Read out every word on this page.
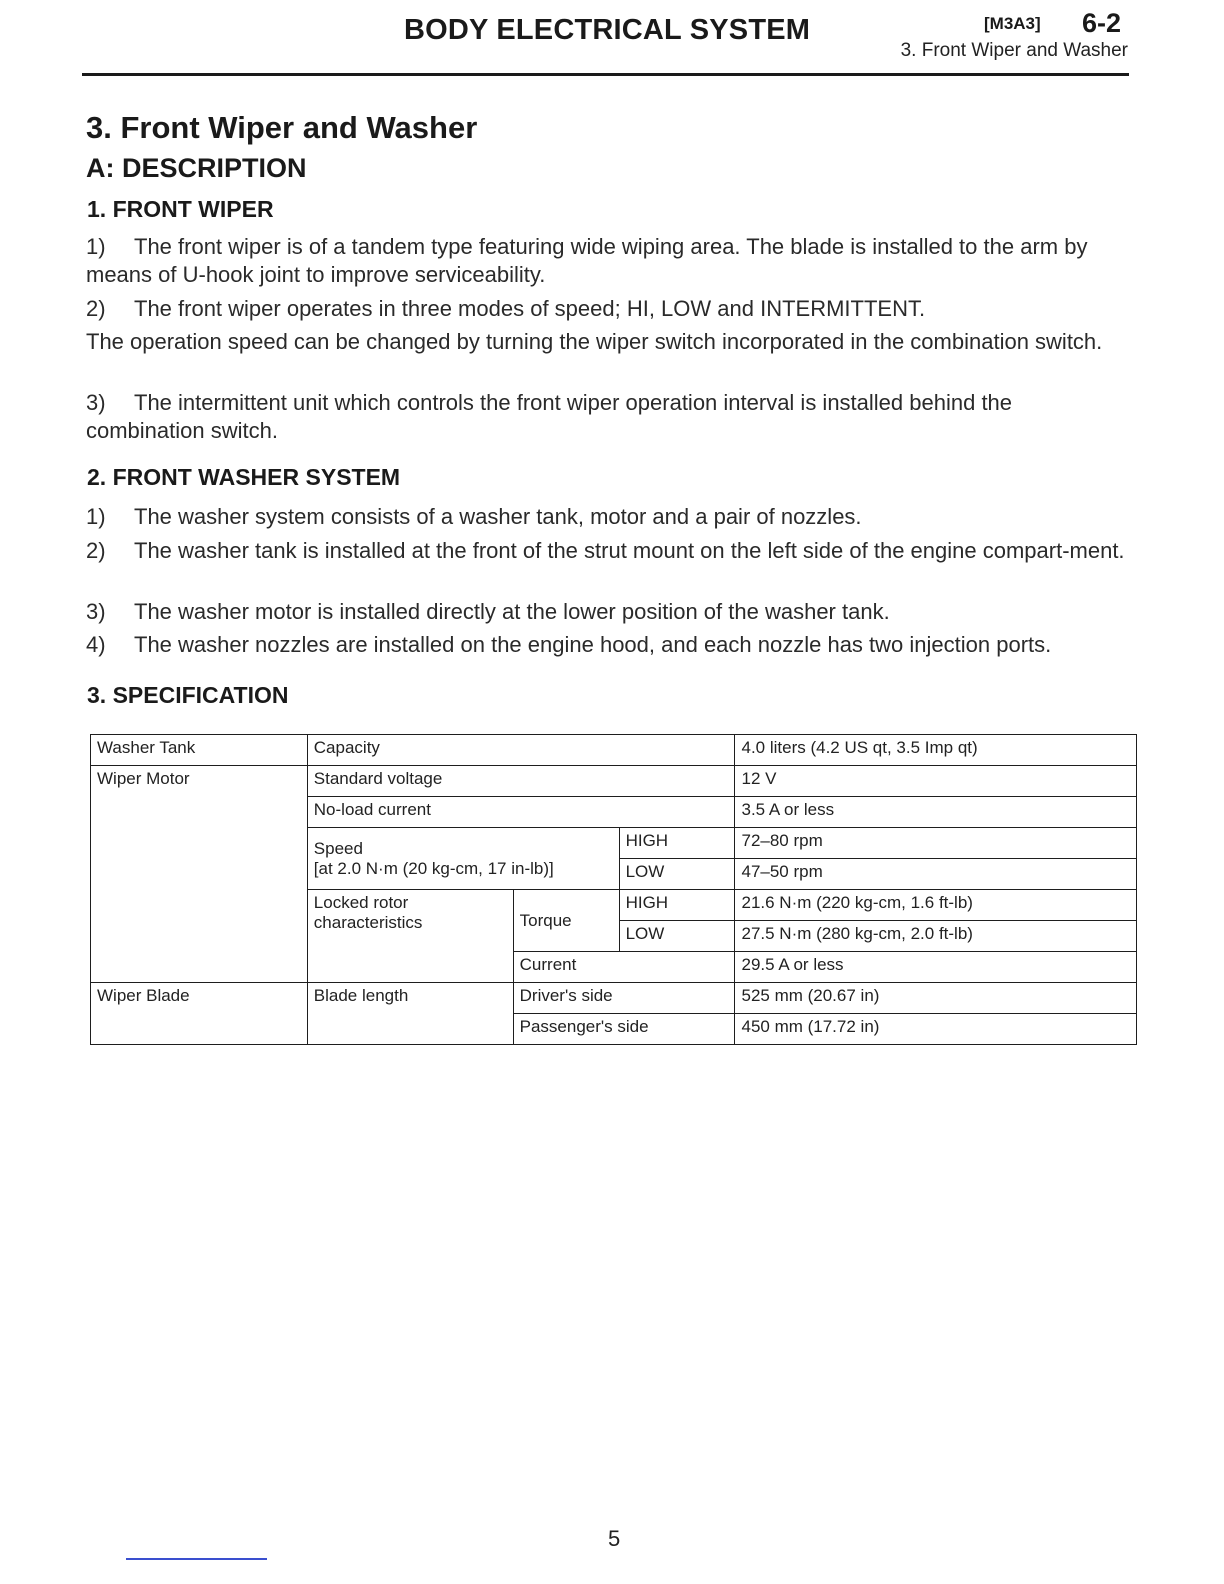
BODY ELECTRICAL SYSTEM	[M3A3] 6-2
3. Front Wiper and Washer
3. Front Wiper and Washer
A: DESCRIPTION
1. FRONT WIPER

1) The front wiper is of a tandem type featuring wide wiping area. The blade is installed to the arm by means of U-hook joint to improve serviceability.

2) The front wiper operates in three modes of speed; HI, LOW and INTERMITTENT.

The operation speed can be changed by turning the wiper switch incorporated in the combination switch.

3) The intermittent unit which controls the front wiper operation interval is installed behind the combination switch.

2. FRONT WASHER SYSTEM

1) The washer system consists of a washer tank, motor and a pair of nozzles.

2) The washer tank is installed at the front of the strut mount on the left side of the engine compart-ment.

3) The washer motor is installed directly at the lower position of the washer tank.

4) The washer nozzles are installed on the engine hood, and each nozzle has two injection ports.

3. SPECIFICATION
Washer Tank	Capacity			4.0 liters (4.2 US qt, 3.5 Imp qt)
Wiper Motor	Standard voltage			12 V
	No-load current			3.5 A or less

	Speed
[at 2.0 N·m (20 kg-cm, 17 in-lb)]		HIGH	72–80 rpm
			LOW	47–50 rpm

	Locked rotor
characteristics	Torque	HIGH	21.6 N·m (220 kg-cm, 1.6 ft-lb)
			LOW	27.5 N·m (280 kg-cm, 2.0 ft-lb)
		Current		29.5 A or less
Wiper Blade	Blade length	Driver's side		525 mm (20.67 in)
		Passenger's side		450 mm (17.72 in)
5
